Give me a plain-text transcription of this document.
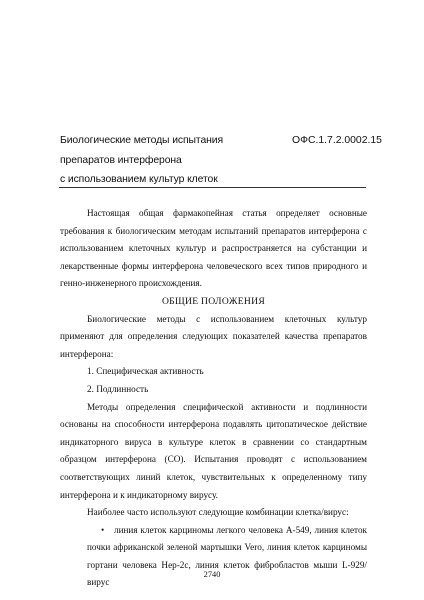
Биологические методы испытания
препаратов интерферона
с использованием культур клеток
ОФС.1.7.2.0002.15

Настоящая общая фармакопейная статья определяет основные требования к биологическим методам испытаний препаратов интерферона с использованием клеточных культур и распространяется на субстанции и лекарственные формы интерферона человеческого всех типов природного и генно-инженерного происхождения.

ОБЩИЕ ПОЛОЖЕНИЯ

Биологические методы с использованием клеточных культур применяют для определения следующих показателей качества препаратов интерферона:

1. Специфическая активность

2. Подлинность

Методы определения специфической активности и подлинности основаны на способности интерферона подавлять цитопатическое действие индикаторного вируса в культуре клеток в сравнении со стандартным образцом интерферона (СО). Испытания проводят с использованием соответствующих линий клеток, чувствительных к определенному типу интерферона и к индикаторному вирусу.

Наиболее часто используют следующие комбинации клетка/вирус:

• линия клеток карциномы легкого человека А-549, линия клеток почки африканской зеленой мартышки Vero, линия клеток карциномы гортани человека Hep-2c, линия клеток фибробластов мыши L-929/ вирус

2740
